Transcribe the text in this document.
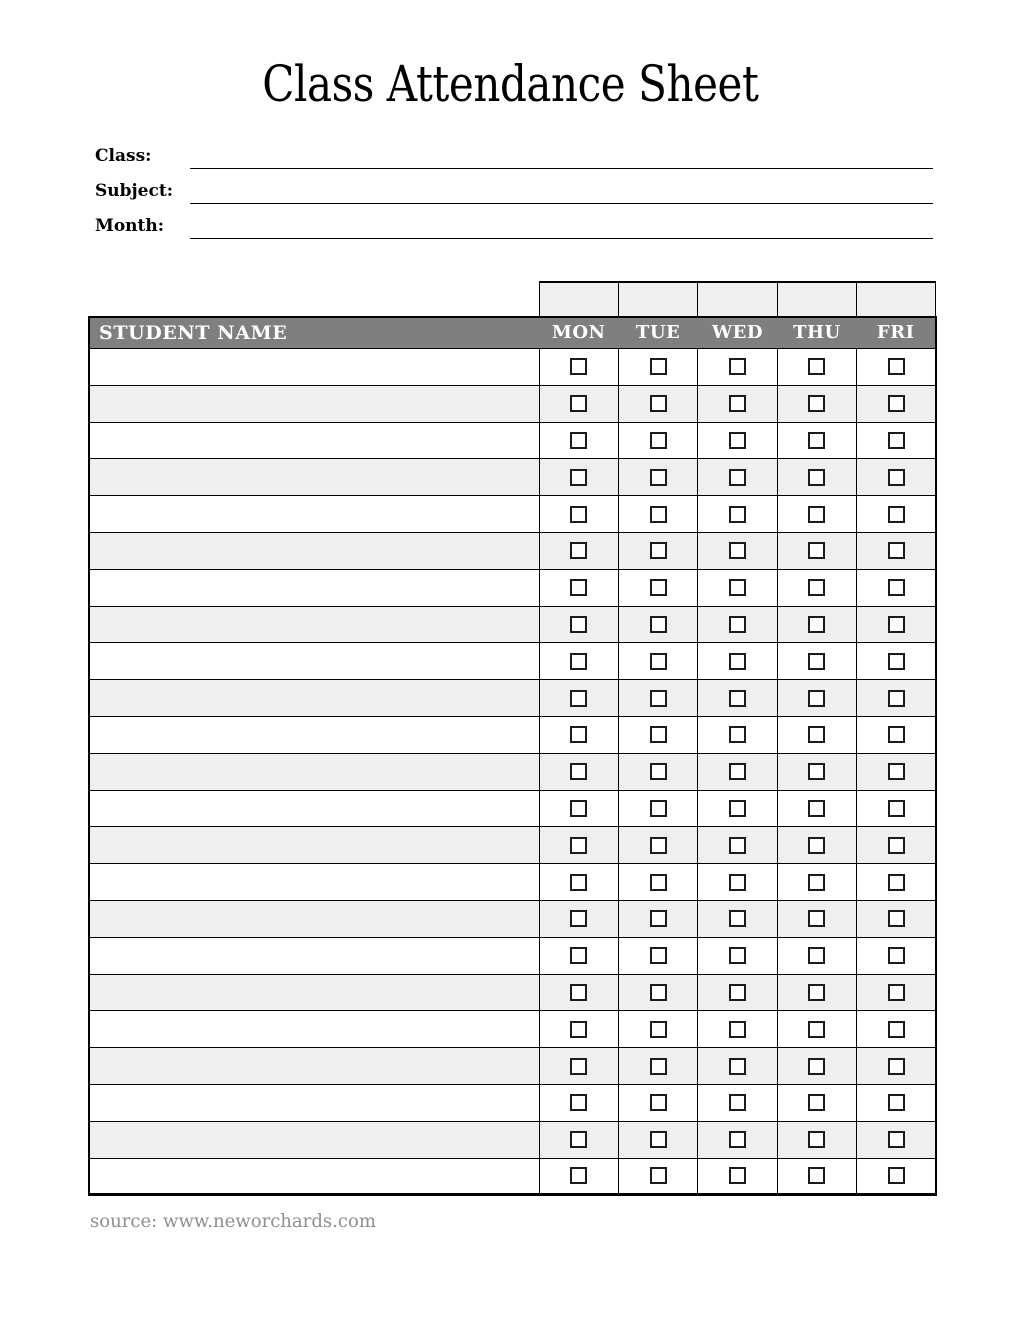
Class Attendance Sheet
Class:
Subject:
Month:

STUDENT NAME	MON	TUE	WED	THU	FRI

source: www.neworchards.com
